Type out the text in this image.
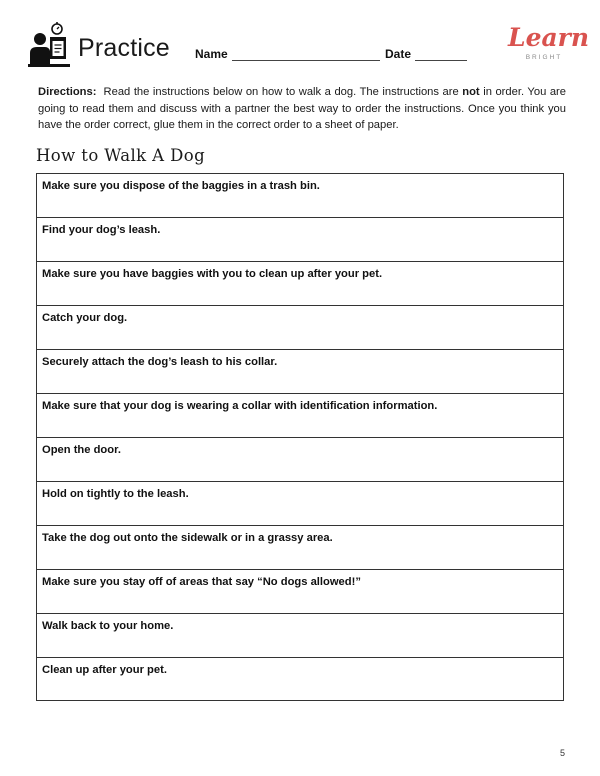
Practice Name	Date
Learn
BRIGHT

Directions: Read the instructions below on how to walk a dog. The instructions are not in order. You are going to read them and discuss with a partner the best way to order the instructions. Once you think you have the order correct, glue them in the correct order to a sheet of paper.

How to Walk A Dog
Make sure you dispose of the baggies in a trash bin.
Find your dog’s leash.
Make sure you have baggies with you to clean up after your pet.
Catch your dog.
Securely attach the dog’s leash to his collar.
Make sure that your dog is wearing a collar with identification information.
Open the door.
Hold on tightly to the leash.
Take the dog out onto the sidewalk or in a grassy area.
Make sure you stay off of areas that say “No dogs allowed!”
Walk back to your home.
Clean up after your pet.
5
